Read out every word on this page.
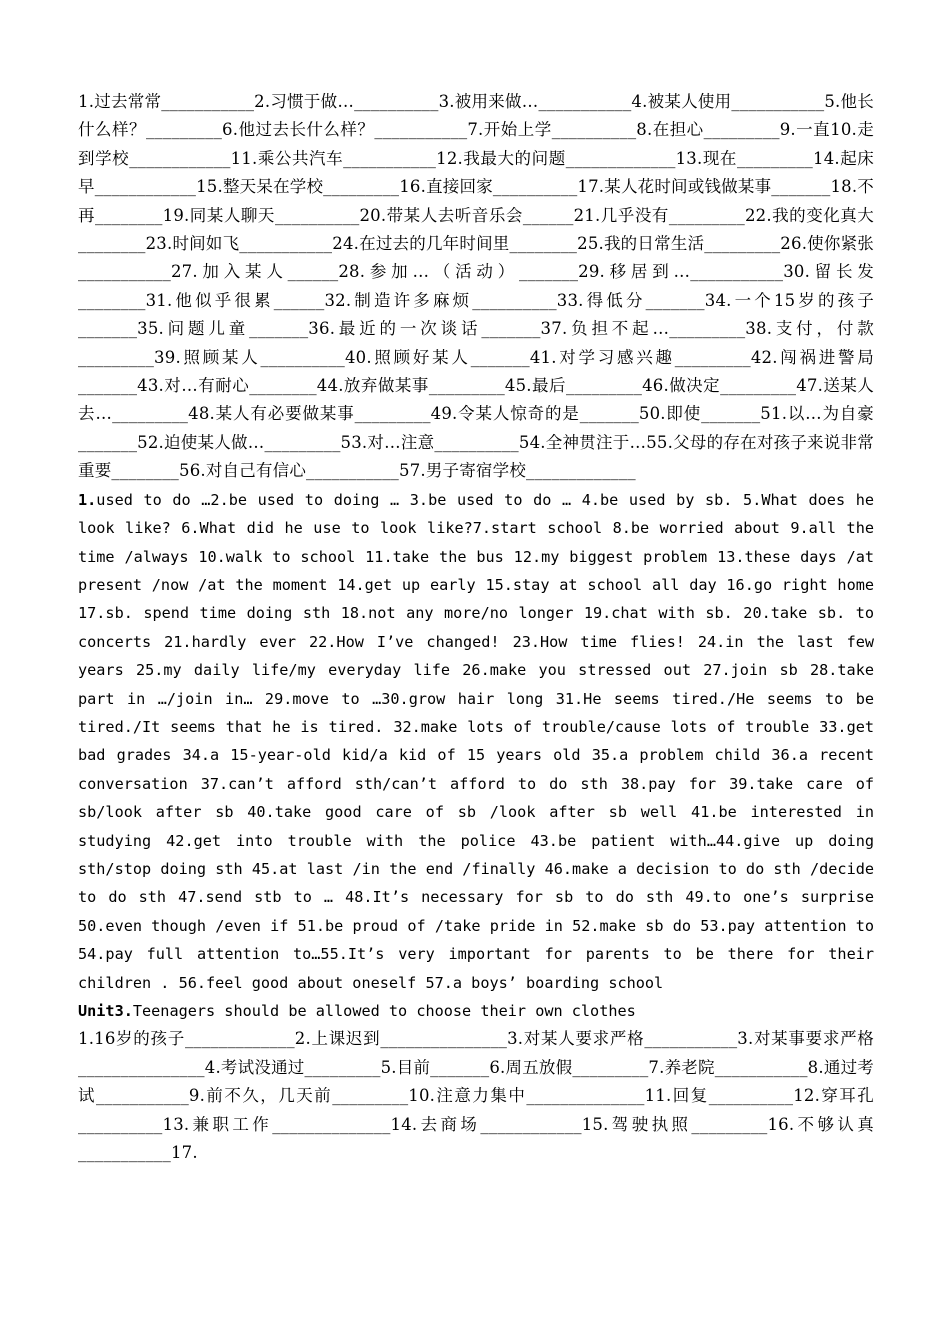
1.过去常常___________2.习惯于做…__________3.被用来做…___________4.被某人使用___________5.他长什么样？_________6.他过去长什么样？___________7.开始上学__________8.在担心_________9.一直10.走到学校____________11.乘公共汽车___________12.我最大的问题_____________13.现在_________14.起床早____________15.整天呆在学校_________16.直接回家__________17.某人花时间或钱做某事_______18.不再________19.同某人聊天__________20.带某人去听音乐会______21.几乎没有_________22.我的变化真大________23.时间如飞___________24.在过去的几年时间里________25.我的日常生活_________26.使你紧张___________27.加入某人______28.参加…（活动）_______29.移居到…___________30.留长发________31.他似乎很累______32.制造许多麻烦__________33.得低分_______34.一个15岁的孩子_______35.问题儿童_______36.最近的一次谈话_______37.负担不起…_________38.支付，付款_________39.照顾某人__________40.照顾好某人_______41.对学习感兴趣_________42.闯祸进警局_______43.对…有耐心________44.放弃做某事_________45.最后_________46.做决定_________47.送某人去…_________48.某人有必要做某事_________49.令某人惊奇的是_______50.即使_______51.以…为自豪_______52.迫使某人做…_________53.对…注意__________54.全神贯注于…55.父母的存在对孩子来说非常重要________56.对自己有信心___________57.男子寄宿学校_____________

1.used to do …2.be used to doing … 3.be used to do … 4.be used by sb. 5.What does he look like? 6.What did he use to look like?7.start school 8.be worried about 9.all the time /always 10.walk to school 11.take the bus 12.my biggest problem 13.these days /at present /now /at the moment 14.get up early 15.stay at school all day 16.go right home 17.sb. spend time doing sth 18.not any more/no longer 19.chat with sb. 20.take sb. to concerts 21.hardly ever 22.How I’ve changed! 23.How time flies! 24.in the last few years 25.my daily life/my everyday life 26.make you stressed out 27.join sb 28.take part in …/join in… 29.move to …30.grow hair long 31.He seems tired./He seems to be tired./It seems that he is tired. 32.make lots of trouble/cause lots of trouble 33.get bad grades 34.a 15-year-old kid/a kid of 15 years old 35.a problem child 36.a recent conversation 37.can’t afford sth/can’t afford to do sth 38.pay for 39.take care of sb/look after sb 40.take good care of sb /look after sb well 41.be interested in studying 42.get into trouble with the police 43.be patient with…44.give up doing sth/stop doing sth 45.at last /in the end /finally 46.make a decision to do sth /decide to do sth 47.send stb to … 48.It’s necessary for sb to do sth 49.to one’s surprise 50.even though /even if 51.be proud of /take pride in 52.make sb do 53.pay attention to 54.pay full attention to…55.It’s very important for parents to be there for their children . 56.feel good about oneself 57.a boys’ boarding school

Unit3.Teenagers should be allowed to choose their own clothes

1.16岁的孩子_____________2.上课迟到_______________3.对某人要求严格___________3.对某事要求严格_______________4.考试没通过_________5.目前_______6.周五放假_________7.养老院___________8.通过考试___________9.前不久，几天前_________10.注意力集中______________11.回复__________12.穿耳孔__________13.兼职工作______________14.去商场____________15.驾驶执照_________16.不够认真___________17.
